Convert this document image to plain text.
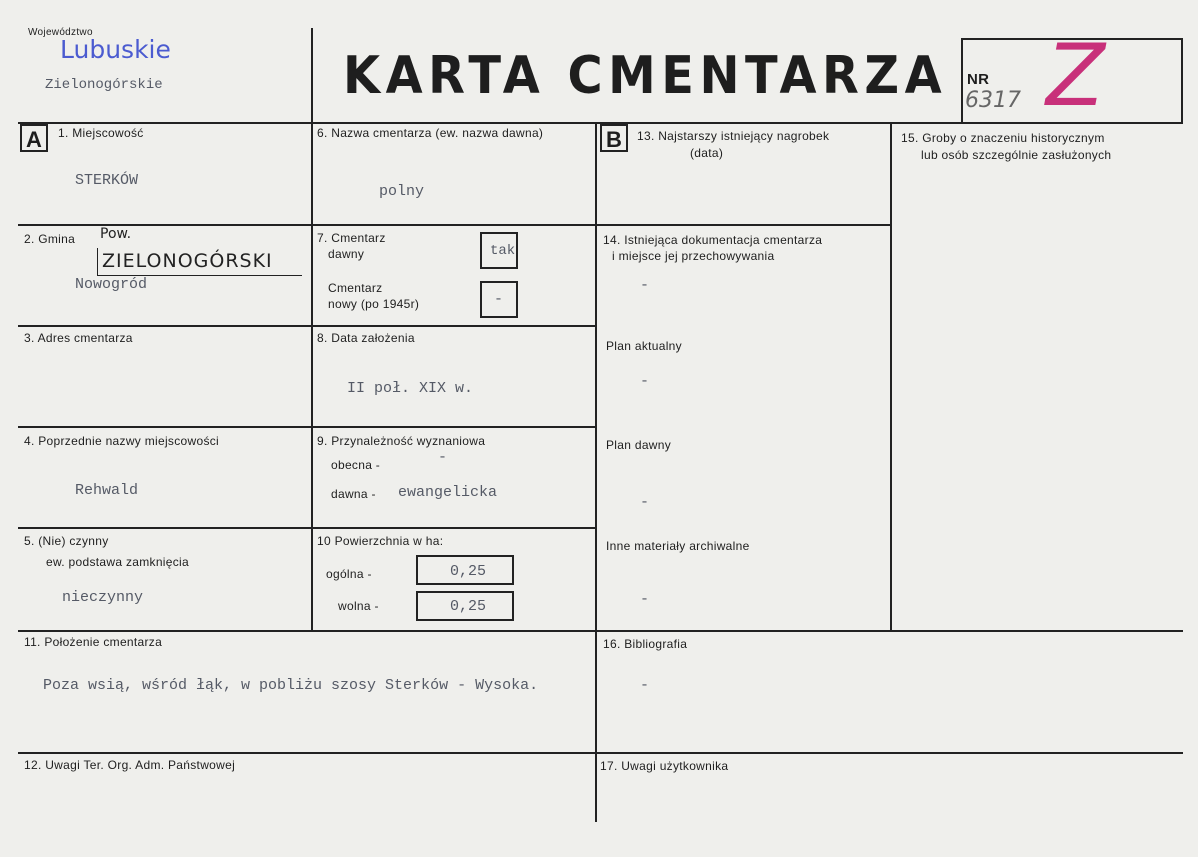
Województwo
Lubuskie
Zielonogórskie	KARTA CMENTARZA NR
6317 Z
A	1. Miejscowość
STERKÓW
2. Gmina Pow.
ZIELONOGÓRSKI
Nowogród
3. Adres cmentarza
4. Poprzednie nazwy miejscowości
Rehwald
5. (Nie) czynny
ew. podstawa zamknięcia
nieczynny
6. Nazwa cmentarza (ew. nazwa dawna)
polny
7. Cmentarz
dawny	tak
Cmentarz
nowy (po 1945r)	-
8. Data założenia
II poł. XIX w.
9. Przynależność wyznaniowa
obecna -	-
dawna - ewangelicka
10 Powierzchnia w ha:
ogólna -	0,25
wolna -	0,25
11. Położenie cmentarza
Poza wsią, wśród łąk, w pobliżu szosy Sterków - Wysoka.
12. Uwagi Ter. Org. Adm. Państwowej
B	13. Najstarszy istniejący nagrobek
(data)
14. Istniejąca dokumentacja cmentarza
i miejsce jej przechowywania
-
Plan aktualny
-
Plan dawny
-
Inne materiały archiwalne
-
15. Groby o znaczeniu historycznym
lub osób szczególnie zasłużonych
16. Bibliografia
-
17. Uwagi użytkownika
